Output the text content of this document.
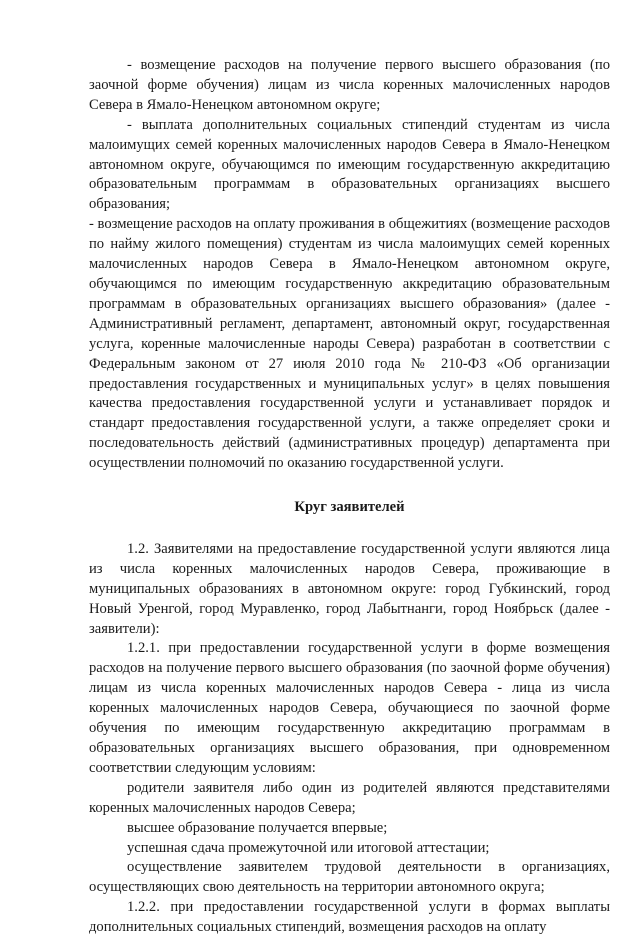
- возмещение расходов на получение первого высшего образования (по заочной форме обучения) лицам из числа коренных малочисленных народов Севера в Ямало-Ненецком автономном округе;

- выплата дополнительных социальных стипендий студентам из числа малоимущих семей коренных малочисленных народов Севера в Ямало-Ненецком автономном округе, обучающимся по имеющим государственную аккредитацию образовательным программам в образовательных организациях высшего образования;

- возмещение расходов на оплату проживания в общежитиях (возмещение расходов по найму жилого помещения) студентам из числа малоимущих семей коренных малочисленных народов Севера в Ямало-Ненецком автономном округе, обучающимся по имеющим государственную аккредитацию образовательным программам в образовательных организациях высшего образования» (далее - Административный регламент, департамент, автономный округ, государственная услуга, коренные малочисленные народы Севера) разработан в соответствии с Федеральным законом от 27 июля 2010 года № 210-ФЗ «Об организации предоставления государственных и муниципальных услуг» в целях повышения качества предоставления государственной услуги и устанавливает порядок и стандарт предоставления государственной услуги, а также определяет сроки и последовательность действий (административных процедур) департамента при осуществлении полномочий по оказанию государственной услуги.

Круг заявителей

1.2. Заявителями на предоставление государственной услуги являются лица из числа коренных малочисленных народов Севера, проживающие в муниципальных образованиях в автономном округе: город Губкинский, город Новый Уренгой, город Муравленко, город Лабытнанги, город Ноябрьск (далее - заявители):

1.2.1. при предоставлении государственной услуги в форме возмещения расходов на получение первого высшего образования (по заочной форме обучения) лицам из числа коренных малочисленных народов Севера - лица из числа коренных малочисленных народов Севера, обучающиеся по заочной форме обучения по имеющим государственную аккредитацию программам в образовательных организациях высшего образования, при одновременном соответствии следующим условиям:

родители заявителя либо один из родителей являются представителями коренных малочисленных народов Севера;

высшее образование получается впервые;

успешная сдача промежуточной или итоговой аттестации;

осуществление заявителем трудовой деятельности в организациях, осуществляющих свою деятельность на территории автономного округа;

1.2.2. при предоставлении государственной услуги в формах выплаты дополнительных социальных стипендий, возмещения расходов на оплату
